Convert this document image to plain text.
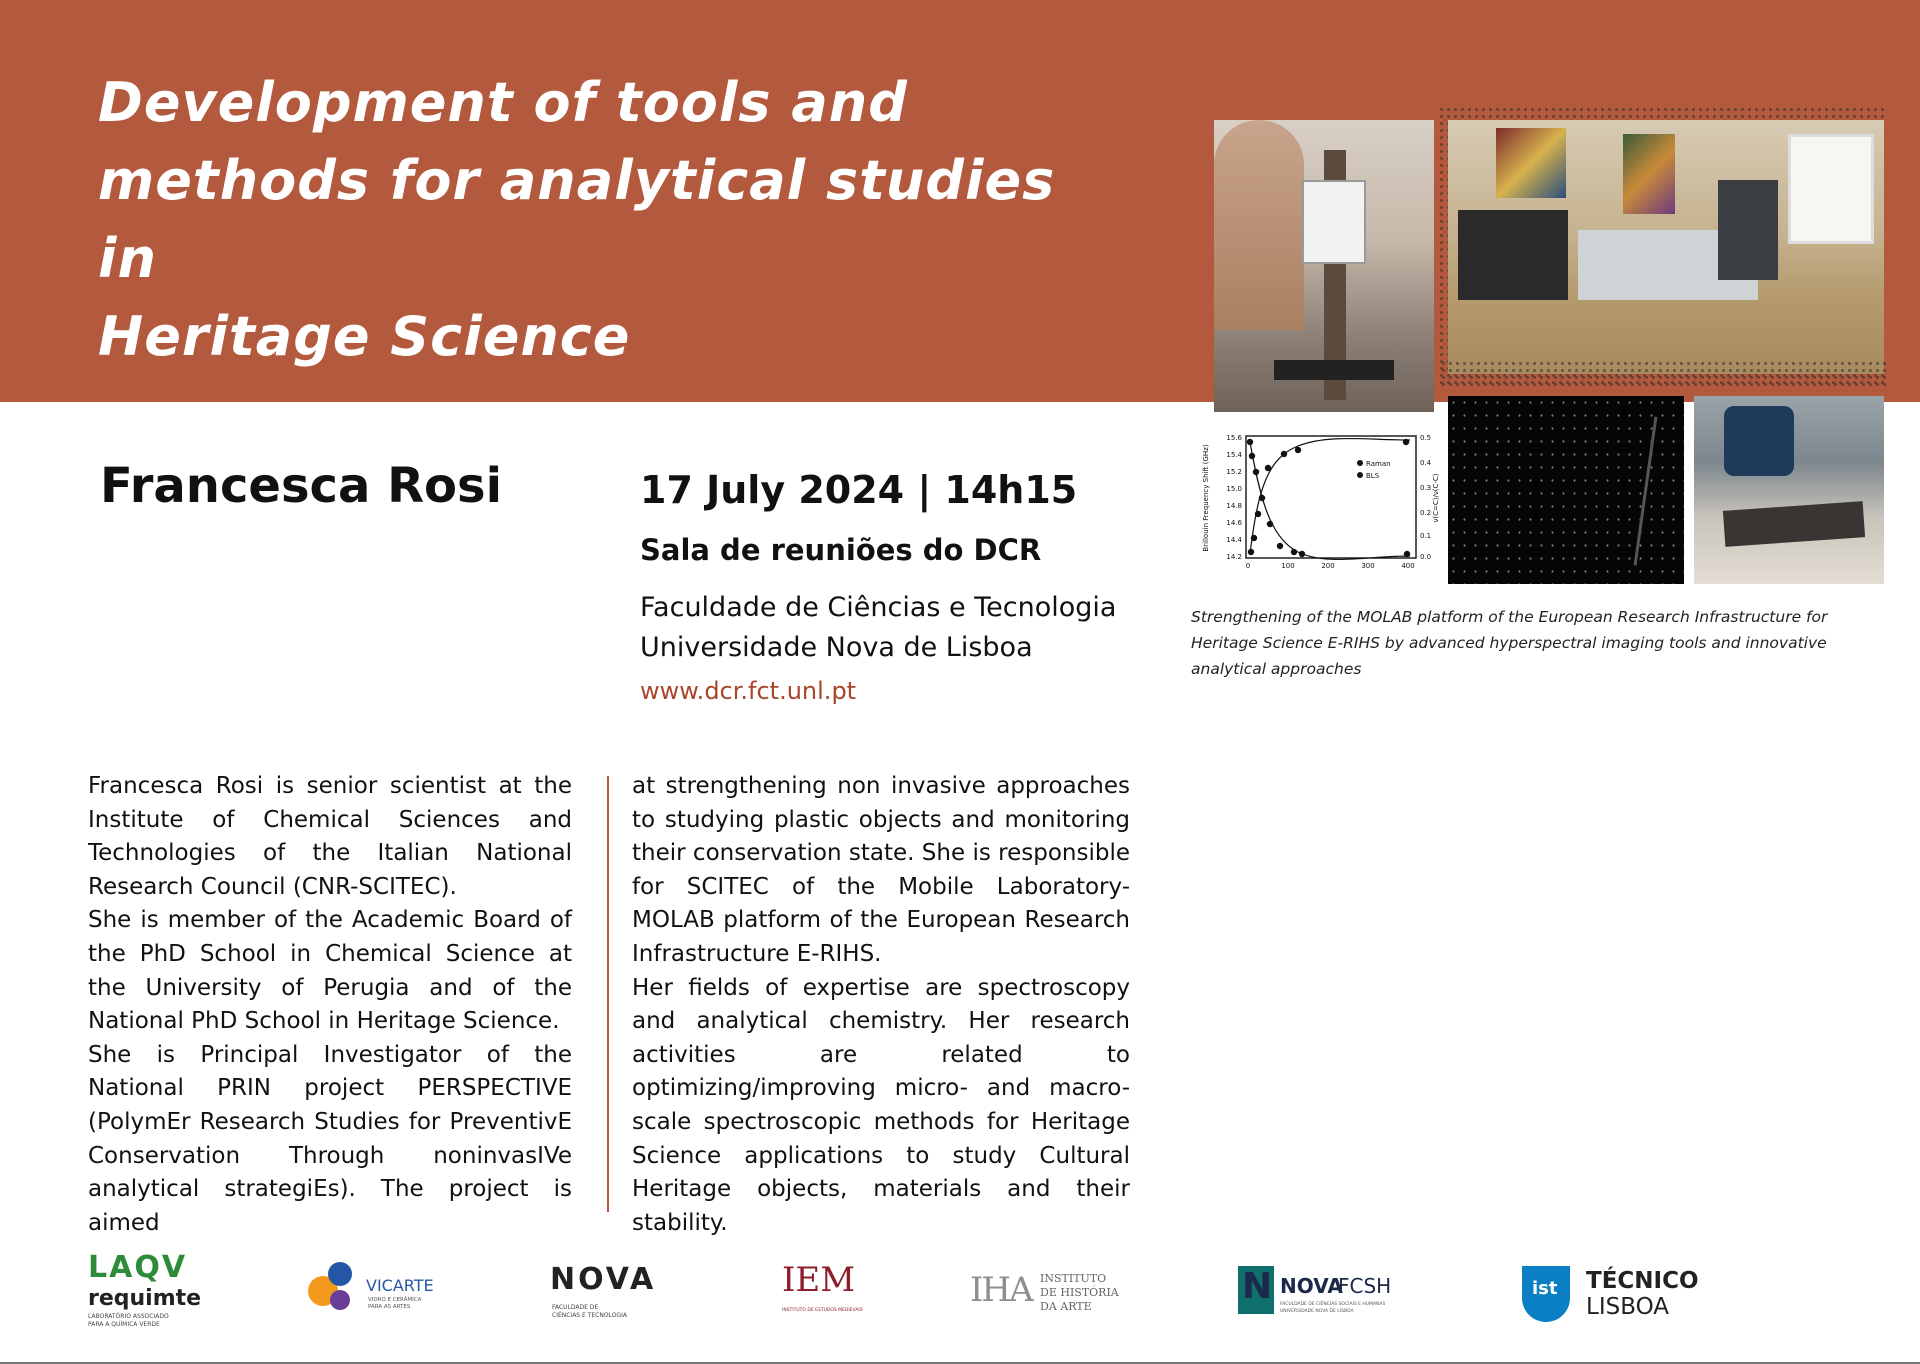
Development of tools and
methods for analytical studies in
Heritage Science
15.6
15.4
15.2
15.0
14.8
14.6
14.4
14.2
0.5
0.4
0.3
0.2
0.1
0.0
0	100	200	300	400
Raman
BLS
Brillouin Frequency Shift (GHz)	ν(C=C)/ν(C-C)

Strengthening of the MOLAB platform of the European Research Infrastructure for Heritage Science E-RIHS by advanced hyperspectral imaging tools and innovative analytical approaches

Francesca Rosi	17 July 2024 | 14h15

Sala de reuniões do DCR

Faculdade de Ciências e Tecnologia
Universidade Nova de Lisboa

www.dcr.fct.unl.pt

Francesca Rosi is senior scientist at the Institute of Chemical Sciences and Technologies of the Italian National Research Council (CNR-SCITEC).

She is member of the Academic Board of the PhD School in Chemical Science at the University of Perugia and of the National PhD School in Heritage Science.

She is Principal Investigator of the National PRIN project PERSPECTIVE (PolymEr Research Studies for PreventivE Conservation Through noninvasIVe analytical strategiEs). The project is aimed

at strengthening non invasive approaches to studying plastic objects and monitoring their conservation state. She is responsible for SCITEC of the Mobile Laboratory-MOLAB platform of the European Research Infrastructure E-RIHS.

Her fields of expertise are spectroscopy and analytical chemistry. Her research activities are related to optimizing/improving micro- and macro-scale spectroscopic methods for Heritage Science applications to study Cultural Heritage objects, materials and their stability.

LAQV
requimte
LABORATÓRIO ASSOCIADO
PARA A QUÍMICA VERDE
VICARTE
VIDRO E CERÂMICA
PARA AS ARTES
NOVA
FACULDADE DE
CIÊNCIAS E TECNOLOGIA
IEM
INSTITUTO DE ESTUDOS MEDIEVAIS
IHA INSTITUTO
DE HISTÓRIA
DA ARTE	N NOVA
FCSH
FACULDADE DE CIÊNCIAS SOCIAIS E HUMANAS
UNIVERSIDADE NOVA DE LISBOA
ist TÉCNICO
LISBOA
